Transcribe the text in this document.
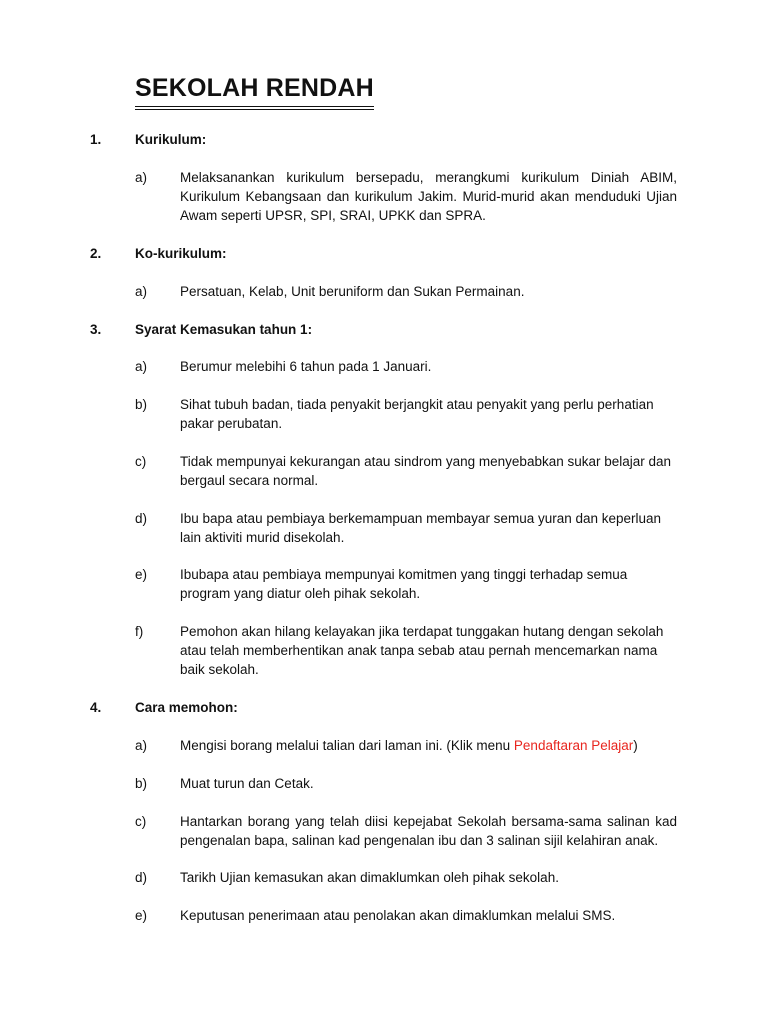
SEKOLAH RENDAH
1. Kurikulum:
a) Melaksanankan kurikulum bersepadu, merangkumi kurikulum Diniah ABIM, Kurikulum Kebangsaan dan kurikulum Jakim. Murid-murid akan menduduki Ujian Awam seperti UPSR, SPI, SRAI, UPKK dan SPRA.

2. Ko-kurikulum:
a) Persatuan, Kelab, Unit beruniform dan Sukan Permainan.

3. Syarat Kemasukan tahun 1:
a) Berumur melebihi 6 tahun pada 1 Januari.

b) Sihat tubuh badan, tiada penyakit berjangkit atau penyakit yang perlu perhatian pakar perubatan.

c)	Tidak mempunyai kekurangan atau sindrom yang menyebabkan sukar belajar dan bergaul secara normal.

d) Ibu bapa atau pembiaya berkemampuan membayar semua yuran dan keperluan lain aktiviti murid disekolah.

e) Ibubapa atau pembiaya mempunyai komitmen yang tinggi terhadap semua program yang diatur oleh pihak sekolah.

f)	Pemohon akan hilang kelayakan jika terdapat tunggakan hutang dengan sekolah atau telah memberhentikan anak tanpa sebab atau pernah mencemarkan nama baik sekolah.

4. Cara memohon:
a) Mengisi borang melalui talian dari laman ini. (Klik menu Pendaftaran Pelajar)

b) Muat turun dan Cetak.

c)	Hantarkan borang yang telah diisi kepejabat Sekolah bersama-sama salinan kad pengenalan bapa, salinan kad pengenalan ibu dan 3 salinan sijil kelahiran anak.

d) Tarikh Ujian kemasukan akan dimaklumkan oleh pihak sekolah.

e) Keputusan penerimaan atau penolakan akan dimaklumkan melalui SMS.
